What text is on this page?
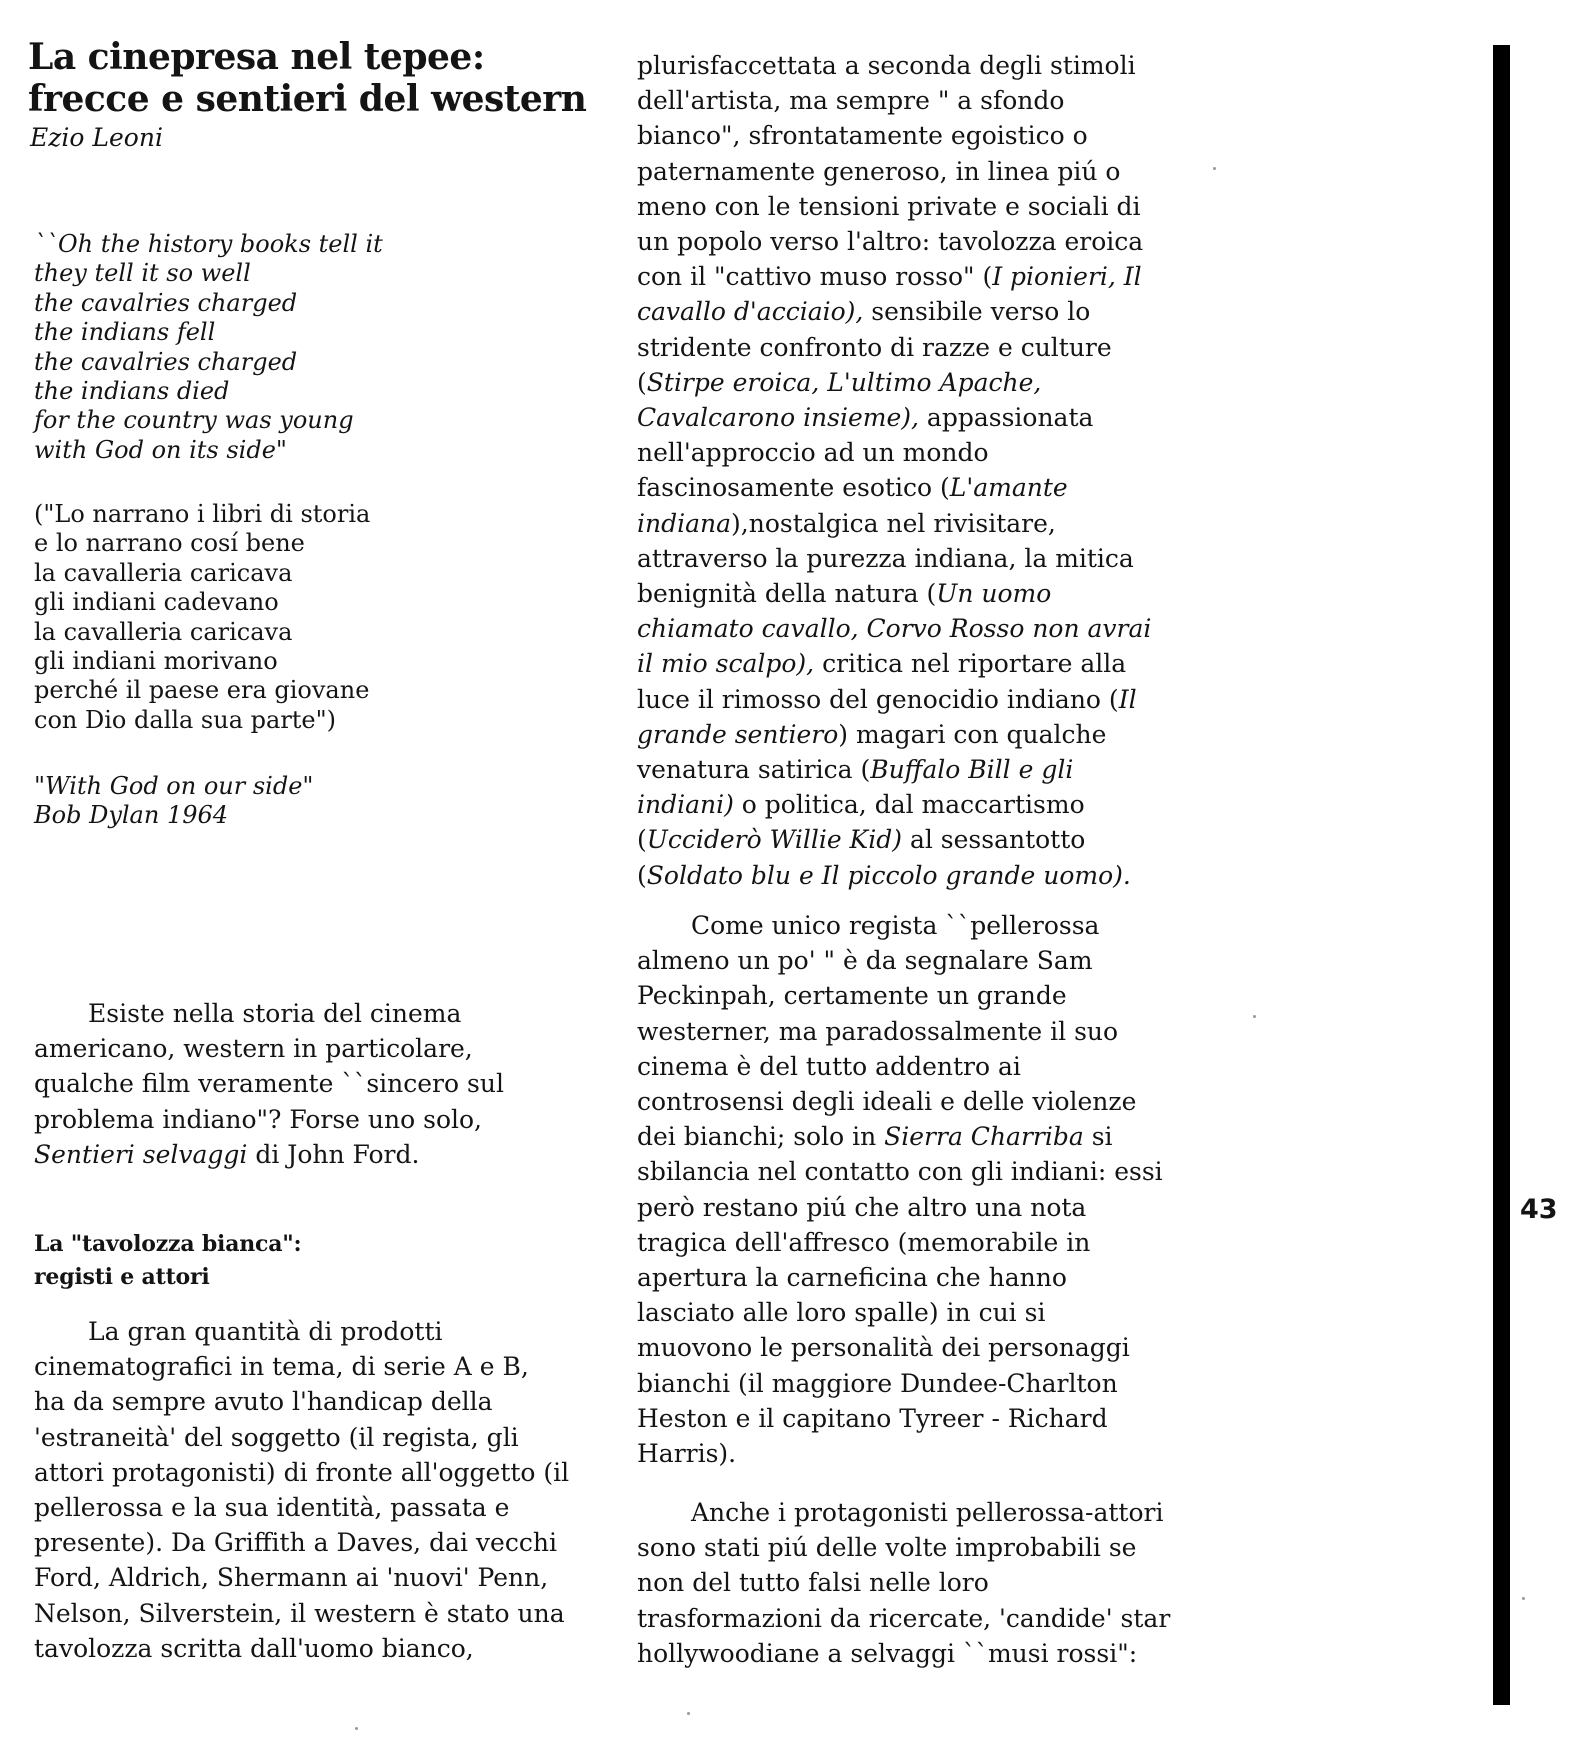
La cinepresa nel tepee:
frecce e sentieri del western
Ezio Leoni
``Oh the history books tell it
they tell it so well
the cavalries charged
the indians fell
the cavalries charged
the indians died
for the country was young
with God on its side"
("Lo narrano i libri di storia
e lo narrano cosí bene
la cavalleria caricava
gli indiani cadevano
la cavalleria caricava
gli indiani morivano
perché il paese era giovane
con Dio dalla sua parte")
"With God on our side"
Bob Dylan 1964
Esiste nella storia del cinema
americano, western in particolare,
qualche film veramente ``sincero sul
problema indiano"? Forse uno solo,
Sentieri selvaggi di John Ford.
La "tavolozza bianca":
registi e attori
La gran quantità di prodotti
cinematografici in tema, di serie A e B,
ha da sempre avuto l'handicap della
'estraneità' del soggetto (il regista, gli
attori protagonisti) di fronte all'oggetto (il
pellerossa e la sua identità, passata e
presente). Da Griffith a Daves, dai vecchi
Ford, Aldrich, Shermann ai 'nuovi' Penn,
Nelson, Silverstein, il western è stato una
tavolozza scritta dall'uomo bianco,
plurisfaccettata a seconda degli stimoli
dell'artista, ma sempre " a sfondo
bianco", sfrontatamente egoistico o
paternamente generoso, in linea piú o
meno con le tensioni private e sociali di
un popolo verso l'altro: tavolozza eroica
con il "cattivo muso rosso" (I pionieri, Il
cavallo d'acciaio), sensibile verso lo
stridente confronto di razze e culture
(Stirpe eroica, L'ultimo Apache,
Cavalcarono insieme), appassionata
nell'approccio ad un mondo
fascinosamente esotico (L'amante
indiana),nostalgica nel rivisitare,
attraverso la purezza indiana, la mitica
benignità della natura (Un uomo
chiamato cavallo, Corvo Rosso non avrai
il mio scalpo), critica nel riportare alla
luce il rimosso del genocidio indiano (Il
grande sentiero) magari con qualche
venatura satirica (Buffalo Bill e gli
indiani) o politica, dal maccartismo
(Ucciderò Willie Kid) al sessantotto
(Soldato blu e Il piccolo grande uomo).
Come unico regista ``pellerossa
almeno un po' " è da segnalare Sam
Peckinpah, certamente un grande
westerner, ma paradossalmente il suo
cinema è del tutto addentro ai
controsensi degli ideali e delle violenze
dei bianchi; solo in Sierra Charriba si
sbilancia nel contatto con gli indiani: essi
però restano piú che altro una nota
tragica dell'affresco (memorabile in
apertura la carneficina che hanno
lasciato alle loro spalle) in cui si
muovono le personalità dei personaggi
bianchi (il maggiore Dundee-Charlton
Heston e il capitano Tyreer - Richard
Harris).
Anche i protagonisti pellerossa-attori
sono stati piú delle volte improbabili se
non del tutto falsi nelle loro
trasformazioni da ricercate, 'candide' star
hollywoodiane a selvaggi ``musi rossi":
43
